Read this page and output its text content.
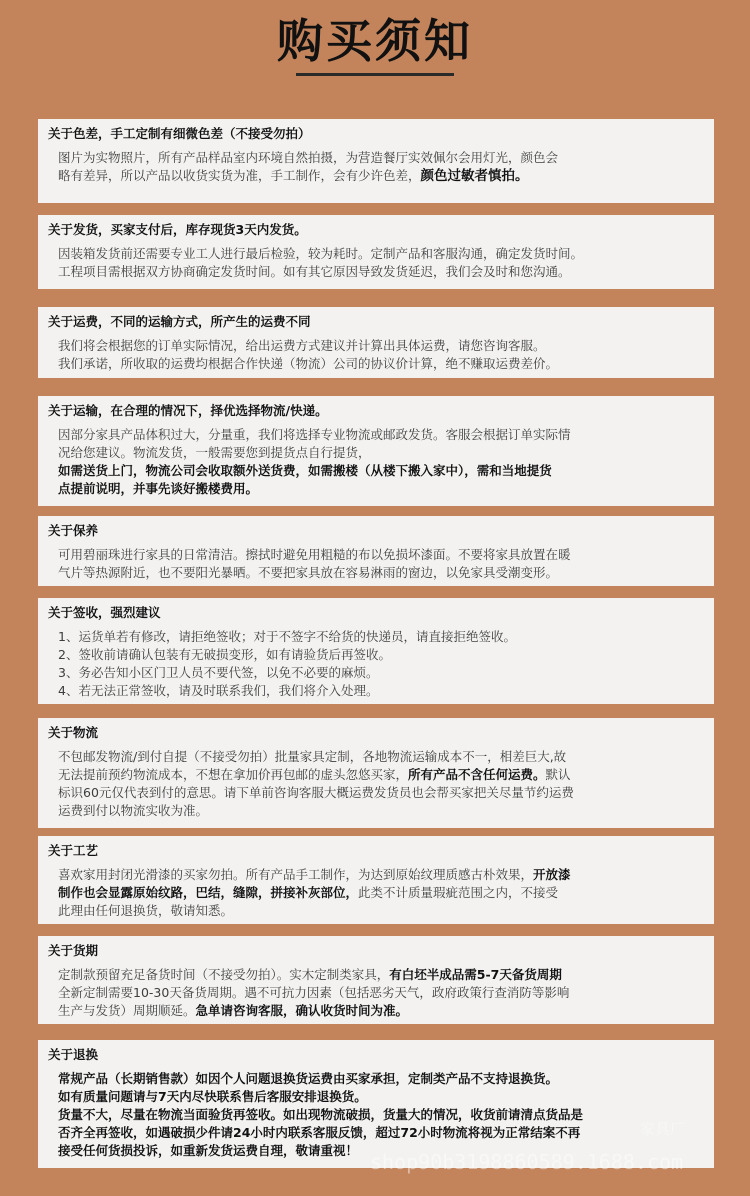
购买须知
关于色差，手工定制有细微色差（不接受勿拍）

图片为实物照片，所有产品样品室内环境自然拍摄，为营造餐厅实效佩尔会用灯光，颜色会

略有差异，所以产品以收货实货为准，手工制作，会有少许色差，颜色过敏者慎拍。

关于发货，买家支付后，库存现货3天内发货。

因装箱发货前还需要专业工人进行最后检验，较为耗时。定制产品和客服沟通，确定发货时间。

工程项目需根据双方协商确定发货时间。如有其它原因导致发货延迟，我们会及时和您沟通。

关于运费，不同的运输方式，所产生的运费不同

我们将会根据您的订单实际情况，给出运费方式建议并计算出具体运费，请您咨询客服。

我们承诺，所收取的运费均根据合作快递（物流）公司的协议价计算，绝不赚取运费差价。

关于运输，在合理的情况下，择优选择物流/快递。

因部分家具产品体积过大，分量重，我们将选择专业物流或邮政发货。客服会根据订单实际情

况给您建议。物流发货，一般需要您到提货点自行提货，

如需送货上门，物流公司会收取额外送货费，如需搬楼（从楼下搬入家中），需和当地提货

点提前说明，并事先谈好搬楼费用。

关于保养

可用碧丽珠进行家具的日常清洁。擦拭时避免用粗糙的布以免损坏漆面。不要将家具放置在暖

气片等热源附近，也不要阳光暴晒。不要把家具放在容易淋雨的窗边，以免家具受潮变形。

关于签收，强烈建议

1、运货单若有修改，请拒绝签收；对于不签字不给货的快递员，请直接拒绝签收。

2、签收前请确认包装有无破损变形，如有请验货后再签收。

3、务必告知小区门卫人员不要代签，以免不必要的麻烦。

4、若无法正常签收，请及时联系我们，我们将介入处理。

关于物流

不包邮发物流/到付自提（不接受勿拍）批量家具定制，各地物流运输成本不一，相差巨大,故

无法提前预约物流成本，不想在拿加价再包邮的虚头忽悠买家，所有产品不含任何运费。默认

标识60元仅代表到付的意思。请下单前咨询客服大概运费发货员也会帮买家把关尽量节约运费

运费到付以物流实收为准。

关于工艺

喜欢家用封闭光滑漆的买家勿拍。所有产品手工制作，为达到原始纹理质感古朴效果，开放漆

制作也会显露原始纹路，巴结，缝隙，拼接补灰部位，此类不计质量瑕疵范围之内，不接受

此理由任何退换货，敬请知悉。

关于货期

定制款预留充足备货时间（不接受勿拍）。实木定制类家具，有白坯半成品需5-7天备货周期

全新定制需要10-30天备货周期。遇不可抗力因素（包括恶劣天气，政府政策行查消防等影响

生产与发货）周期顺延。急单请咨询客服，确认收货时间为准。

关于退换

常规产品（长期销售款）如因个人问题退换货运费由买家承担，定制类产品不支持退换货。

如有质量问题请与7天内尽快联系售后客服安排退换货。

货量不大，尽量在物流当面验货再签收。如出现物流破损，货量大的情况，收货前请清点货品是

否齐全再签收，如遇破损少件请24小时内联系客服反馈，超过72小时物流将视为正常结案不再

接受任何货损投诉，如重新发货运费自理，敬请重视！

家具厂
shop90b3198860589.1688.com
